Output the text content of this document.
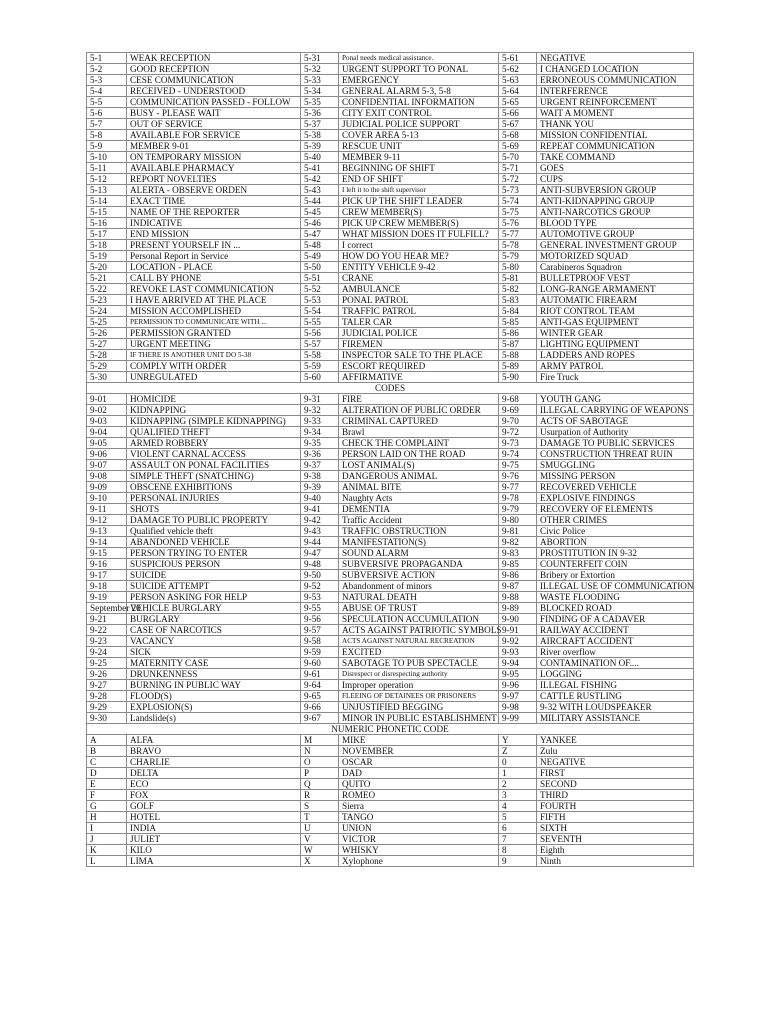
5-1	WEAK RECEPTION	5-31	Ponal needs medical assistance.	5-61	NEGATIVE
5-2	GOOD RECEPTION	5-32	URGENT SUPPORT TO PONAL	5-62	I CHANGED LOCATION
5-3	CESE COMMUNICATION	5-33	EMERGENCY	5-63	ERRONEOUS COMMUNICATION
5-4	RECEIVED - UNDERSTOOD	5-34	GENERAL ALARM 5-3, 5-8	5-64	INTERFERENCE
5-5	COMMUNICATION PASSED - FOLLOW	5-35	CONFIDENTIAL INFORMATION	5-65	URGENT REINFORCEMENT
5-6	BUSY - PLEASE WAIT	5-36	CITY EXIT CONTROL	5-66	WAIT A MOMENT
5-7	OUT OF SERVICE	5-37	JUDICIAL POLICE SUPPORT	5-67	THANK YOU
5-8	AVAILABLE FOR SERVICE	5-38	COVER AREA 5-13	5-68	MISSION CONFIDENTIAL
5-9	MEMBER 9-01	5-39	RESCUE UNIT	5-69	REPEAT COMMUNICATION
5-10	ON TEMPORARY MISSION	5-40	MEMBER 9-11	5-70	TAKE COMMAND
5-11	AVAILABLE PHARMACY	5-41	BEGINNING OF SHIFT	5-71	GOES
5-12	REPORT NOVELTIES	5-42	END OF SHIFT	5-72	CUPS
5-13	ALERTA - OBSERVE ORDEN	5-43	I left it to the shift supervisor	5-73	ANTI-SUBVERSION GROUP
5-14	EXACT TIME	5-44	PICK UP THE SHIFT LEADER	5-74	ANTI-KIDNAPPING GROUP
5-15	NAME OF THE REPORTER	5-45	CREW MEMBER(S)	5-75	ANTI-NARCOTICS GROUP
5-16	INDICATIVE	5-46	PICK UP CREW MEMBER(S)	5-76	BLOOD TYPE
5-17	END MISSION	5-47	WHAT MISSION DOES IT FULFILL?	5-77	AUTOMOTIVE GROUP
5-18	PRESENT YOURSELF IN ...	5-48	I correct	5-78	GENERAL INVESTMENT GROUP
5-19	Personal Report in Service	5-49	HOW DO YOU HEAR ME?	5-79	MOTORIZED SQUAD
5-20	LOCATION - PLACE	5-50	ENTITY VEHICLE 9-42	5-80	Carabineros Squadron
5-21	CALL BY PHONE	5-51	CRANE	5-81	BULLETPROOF VEST
5-22	REVOKE LAST COMMUNICATION	5-52	AMBULANCE	5-82	LONG-RANGE ARMAMENT
5-23	I HAVE ARRIVED AT THE PLACE	5-53	PONAL PATROL	5-83	AUTOMATIC FIREARM
5-24	MISSION ACCOMPLISHED	5-54	TRAFFIC PATROL	5-84	RIOT CONTROL TEAM
5-25	PERMISSION TO COMMUNICATE WITH ...	5-55	TALER CAR	5-85	ANTI-GAS EQUIPMENT
5-26	PERMISSION GRANTED	5-56	JUDICIAL POLICE	5-86	WINTER GEAR
5-27	URGENT MEETING	5-57	FIREMEN	5-87	LIGHTING EQUIPMENT
5-28	IF THERE IS ANOTHER UNIT DO 5-38	5-58	INSPECTOR SALE TO THE PLACE	5-88	LADDERS AND ROPES
5-29	COMPLY WITH ORDER	5-59	ESCORT REQUIRED	5-89	ARMY PATROL
5-30	UNREGULATED	5-60	AFFIRMATIVE	5-90	Fire Truck
CODES					
9-01	HOMICIDE	9-31	FIRE	9-68	YOUTH GANG
9-02	KIDNAPPING	9-32	ALTERATION OF PUBLIC ORDER	9-69	ILLEGAL CARRYING OF WEAPONS
9-03	KIDNAPPING (SIMPLE KIDNAPPING)	9-33	CRIMINAL CAPTURED	9-70	ACTS OF SABOTAGE
9-04	QUALIFIED THEFT	9-34	Brawl	9-72	Usurpation of Authority
9-05	ARMED ROBBERY	9-35	CHECK THE COMPLAINT	9-73	DAMAGE TO PUBLIC SERVICES
9-06	VIOLENT CARNAL ACCESS	9-36	PERSON LAID ON THE ROAD	9-74	CONSTRUCTION THREAT RUIN
9-07	ASSAULT ON PONAL FACILITIES	9-37	LOST ANIMAL(S)	9-75	SMUGGLING
9-08	SIMPLE THEFT (SNATCHING)	9-38	DANGEROUS ANIMAL	9-76	MISSING PERSON
9-09	OBSCENE EXHIBITIONS	9-39	ANIMAL BITE	9-77	RECOVERED VEHICLE
9-10	PERSONAL INJURIES	9-40	Naughty Acts	9-78	EXPLOSIVE FINDINGS
9-11	SHOTS	9-41	DEMENTIA	9-79	RECOVERY OF ELEMENTS
9-12	DAMAGE TO PUBLIC PROPERTY	9-42	Traffic Accident	9-80	OTHER CRIMES
9-13	Qualified vehicle theft	9-43	TRAFFIC OBSTRUCTION	9-81	Civic Police
9-14	ABANDONED VEHICLE	9-44	MANIFESTATION(S)	9-82	ABORTION
9-15	PERSON TRYING TO ENTER	9-47	SOUND ALARM	9-83	PROSTITUTION IN 9-32
9-16	SUSPICIOUS PERSON	9-48	SUBVERSIVE PROPAGANDA	9-85	COUNTERFEIT COIN
9-17	SUICIDE	9-50	SUBVERSIVE ACTION	9-86	Bribery or Extortion
9-18	SUICIDE ATTEMPT	9-52	Abandonment of minors	9-87	ILLEGAL USE OF COMMUNICATION
9-19	PERSON ASKING FOR HELP	9-53	NATURAL DEATH	9-88	WASTE FLOODING
September 20	VEHICLE BURGLARY	9-55	ABUSE OF TRUST	9-89	BLOCKED ROAD
9-21	BURGLARY	9-56	SPECULATION ACCUMULATION	9-90	FINDING OF A CADAVER
9-22	CASE OF NARCOTICS	9-57	ACTS AGAINST PATRIOTIC SYMBOLS	9-91	RAILWAY ACCIDENT
9-23	VACANCY	9-58	ACTS AGAINST NATURAL RECREATION	9-92	AIRCRAFT ACCIDENT
9-24	SICK	9-59	EXCITED	9-93	River overflow
9-25	MATERNITY CASE	9-60	SABOTAGE TO PUB SPECTACLE	9-94	CONTAMINATION OF....
9-26	DRUNKENNESS	9-61	Disrespect or disrespecting authority	9-95	LOGGING
9-27	BURNING IN PUBLIC WAY	9-64	Improper operation	9-96	ILLEGAL FISHING
9-28	FLOOD(S)	9-65	FLEEING OF DETAINEES OR PRISONERS	9-97	CATTLE RUSTLING
9-29	EXPLOSION(S)	9-66	UNJUSTIFIED BEGGING	9-98	9-32 WITH LOUDSPEAKER
9-30	Landslide(s)	9-67	MINOR IN PUBLIC ESTABLISHMENT	9-99	MILITARY ASSISTANCE
NUMERIC PHONETIC CODE					
A	ALFA	M	MIKE	Y	YANKEE
B	BRAVO	N	NOVEMBER	Z	Zulu
C	CHARLIE	O	OSCAR	0	NEGATIVE
D	DELTA	P	DAD	1	FIRST
E	ECO	Q	QUITO	2	SECOND
F	FOX	R	ROMEO	3	THIRD
G	GOLF	S	Sierra	4	FOURTH
H	HOTEL	T	TANGO	5	FIFTH
I	INDIA	U	UNION	6	SIXTH
J	JULIET	V	VICTOR	7	SEVENTH
K	KILO	W	WHISKY	8	Eighth
L	LIMA	X	Xylophone	9	Ninth
